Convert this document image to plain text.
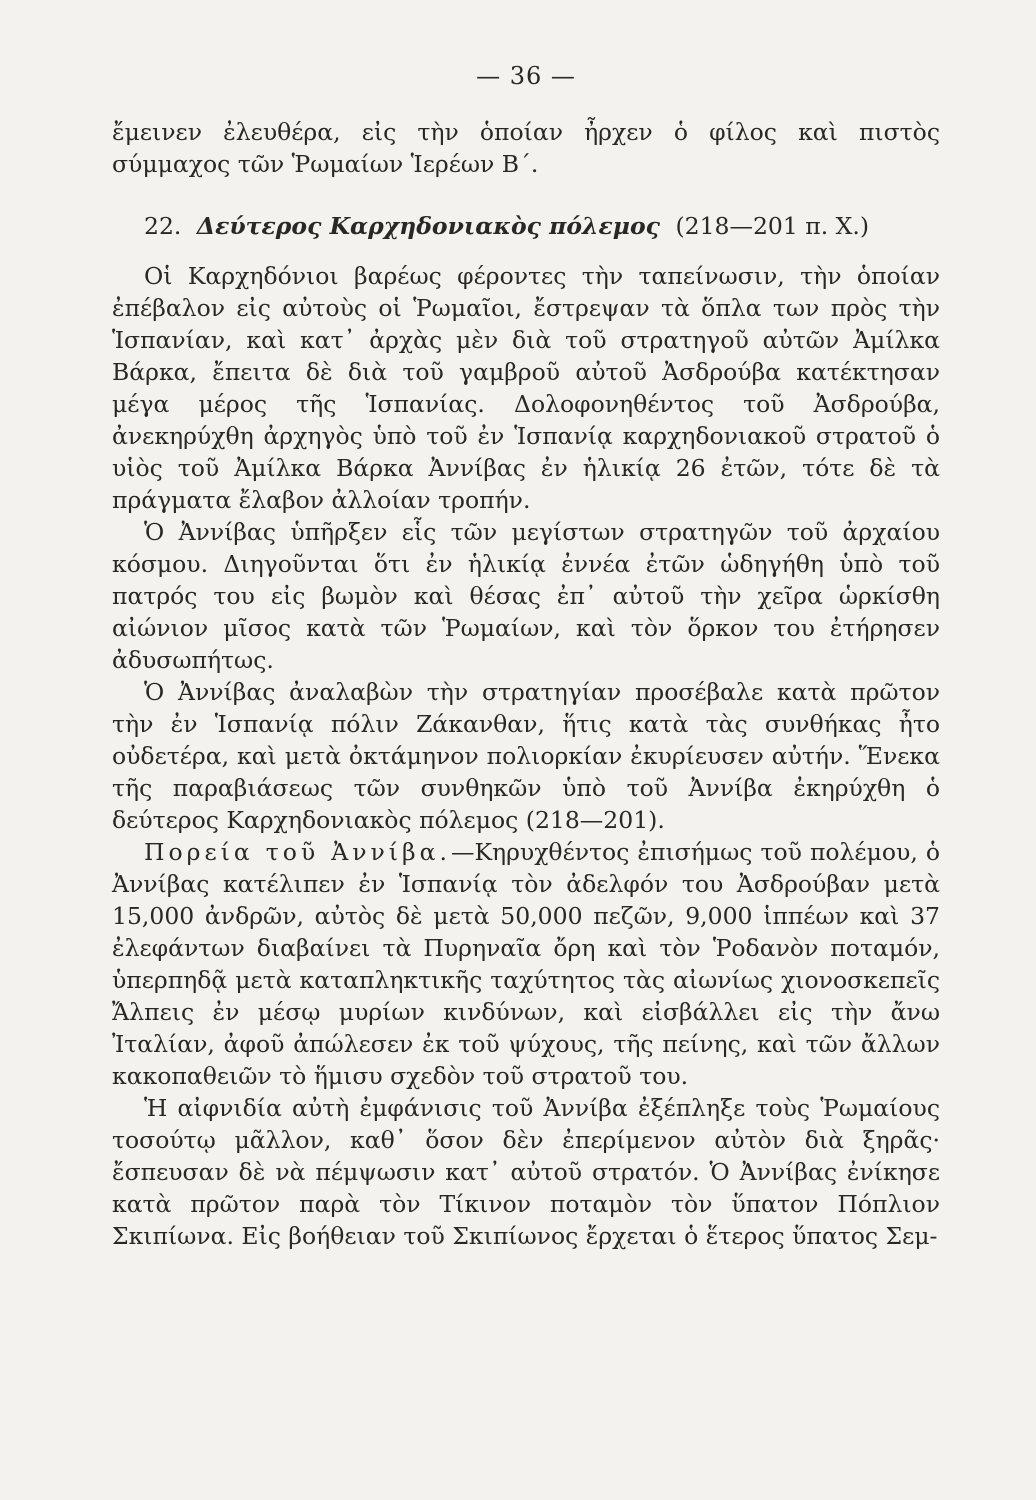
— 36 —

ἔμεινεν ἐλευθέρα, εἰς τὴν ὁποίαν ἦρχεν ὁ φίλος καὶ πιστὸς σύμμαχος τῶν Ῥωμαίων Ἱερέων Β΄.

22. Δεύτερος Καρχηδονιακὸς πόλεμος (218—201 π. Χ.)

Οἱ Καρχηδόνιοι βαρέως φέροντες τὴν ταπείνωσιν, τὴν ὁποίαν ἐπέβαλον εἰς αὐτοὺς οἱ Ῥωμαῖοι, ἔστρεψαν τὰ ὅπλα των πρὸς τὴν Ἱσπανίαν, καὶ κατ᾽ ἀρχὰς μὲν διὰ τοῦ στρατηγοῦ αὐτῶν Ἀμίλκα Βάρκα, ἔπειτα δὲ διὰ τοῦ γαμβροῦ αὐτοῦ Ἀσδρούβα κατέκτησαν μέγα μέρος τῆς Ἱσπανίας. Δολοφονηθέντος τοῦ Ἀσδρούβα, ἀνεκηρύχθη ἀρχηγὸς ὑπὸ τοῦ ἐν Ἱσπανίᾳ καρχηδονιακοῦ στρατοῦ ὁ υἱὸς τοῦ Ἀμίλκα Βάρκα Ἀννίβας ἐν ἡλικίᾳ 26 ἐτῶν, τότε δὲ τὰ πράγματα ἔλαβον ἀλλοίαν τροπήν.

Ὁ Ἀννίβας ὑπῆρξεν εἷς τῶν μεγίστων στρατηγῶν τοῦ ἀρχαίου κόσμου. Διηγοῦνται ὅτι ἐν ἡλικίᾳ ἐννέα ἐτῶν ὡδηγήθη ὑπὸ τοῦ πατρός του εἰς βωμὸν καὶ θέσας ἐπ᾽ αὐτοῦ τὴν χεῖρα ὡρκίσθη αἰώνιον μῖσος κατὰ τῶν Ῥωμαίων, καὶ τὸν ὅρκον του ἐτήρησεν ἀδυσωπήτως.

Ὁ Ἀννίβας ἀναλαβὼν τὴν στρατηγίαν προσέβαλε κατὰ πρῶτον τὴν ἐν Ἱσπανίᾳ πόλιν Ζάκανθαν, ἥτις κατὰ τὰς συνθήκας ἦτο οὐδετέρα, καὶ μετὰ ὀκτάμηνον πολιορκίαν ἐκυρίευσεν αὐτήν. Ἕνεκα τῆς παραβιάσεως τῶν συνθηκῶν ὑπὸ τοῦ Ἀννίβα ἐκηρύχθη ὁ δεύτερος Καρχηδονιακὸς πόλεμος (218—201).

Πορεία τοῦ Ἀννίβα.—Κηρυχθέντος ἐπισήμως τοῦ πολέμου, ὁ Ἀννίβας κατέλιπεν ἐν Ἱσπανίᾳ τὸν ἀδελφόν του Ἀσδρούβαν μετὰ 15,000 ἀνδρῶν, αὐτὸς δὲ μετὰ 50,000 πεζῶν, 9,000 ἱππέων καὶ 37 ἐλεφάντων διαβαίνει τὰ Πυρηναῖα ὄρη καὶ τὸν Ῥοδανὸν ποταμόν, ὑπερπηδᾷ μετὰ καταπληκτικῆς ταχύτητος τὰς αἰωνίως χιονοσκεπεῖς Ἄλπεις ἐν μέσῳ μυρίων κινδύνων, καὶ εἰσβάλλει εἰς τὴν ἄνω Ἰταλίαν, ἀφοῦ ἀπώλεσεν ἐκ τοῦ ψύχους, τῆς πείνης, καὶ τῶν ἄλλων κακοπαθειῶν τὸ ἥμισυ σχεδὸν τοῦ στρατοῦ του.

Ἡ αἰφνιδία αὐτὴ ἐμφάνισις τοῦ Ἀννίβα ἐξέπληξε τοὺς Ῥωμαίους τοσούτῳ μᾶλλον, καθ᾽ ὅσον δὲν ἐπερίμενον αὐτὸν διὰ ξηρᾶς· ἔσπευσαν δὲ νὰ πέμψωσιν κατ᾽ αὐτοῦ στρατόν. Ὁ Ἀννίβας ἐνίκησε κατὰ πρῶτον παρὰ τὸν Τίκινον ποταμὸν τὸν ὕπατον Πόπλιον Σκιπίωνα. Εἰς βοήθειαν τοῦ Σκιπίωνος ἔρχεται ὁ ἕτερος ὕπατος Σεμ-
